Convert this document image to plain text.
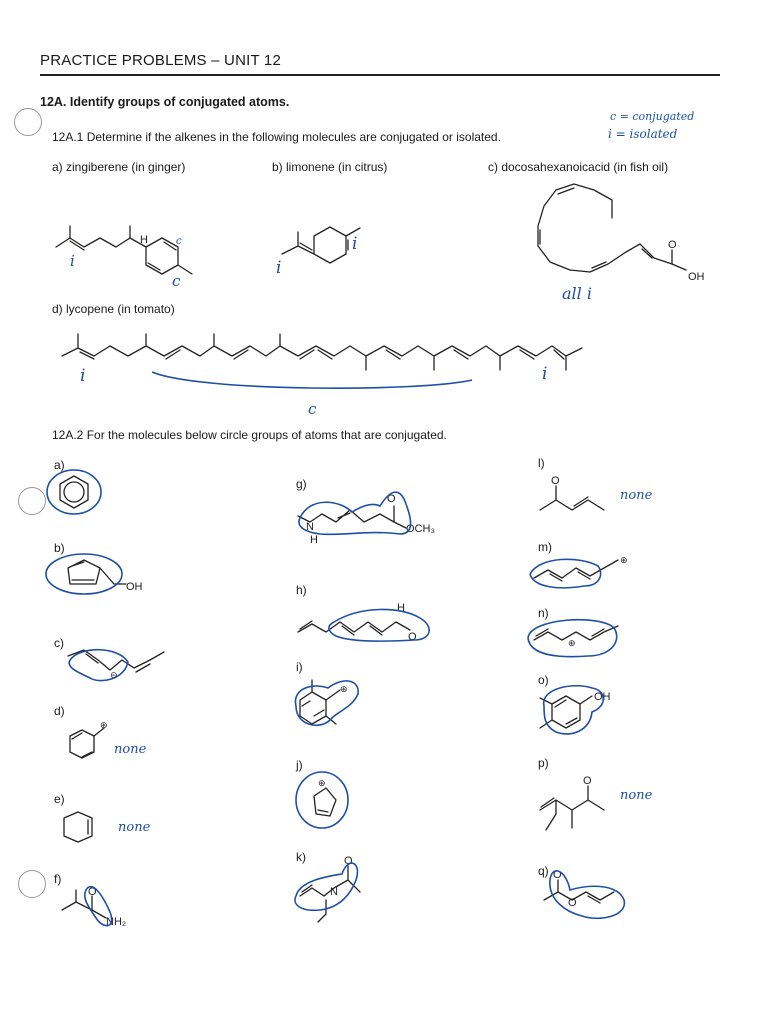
PRACTICE PROBLEMS – UNIT 12
12A. Identify groups of conjugated atoms.
12A.1 Determine if the alkenes in the following molecules are conjugated or isolated.
c = conjugated
i = isolated
a) zingiberene (in ginger)	b) limonene (in citrus)	c) docosahexanoicacid (in fish oil)
d) lycopene (in tomato)
i
c
c
i
i
all i
i
c
i
12A.2 For the molecules below circle groups of atoms that are conjugated.
a)
b)
c)
d)
e)
f)
g)
h)
i)
j)
k)
l)
m)
n)
o)
p)
q)
none
none
none
none
H	O
OH
OH
⊖
⊕
O
NH₂
N
H
O
OCH₃
H
O
⊕
⊕
N
O
O
⊕
⊕
OH
O
O
O
